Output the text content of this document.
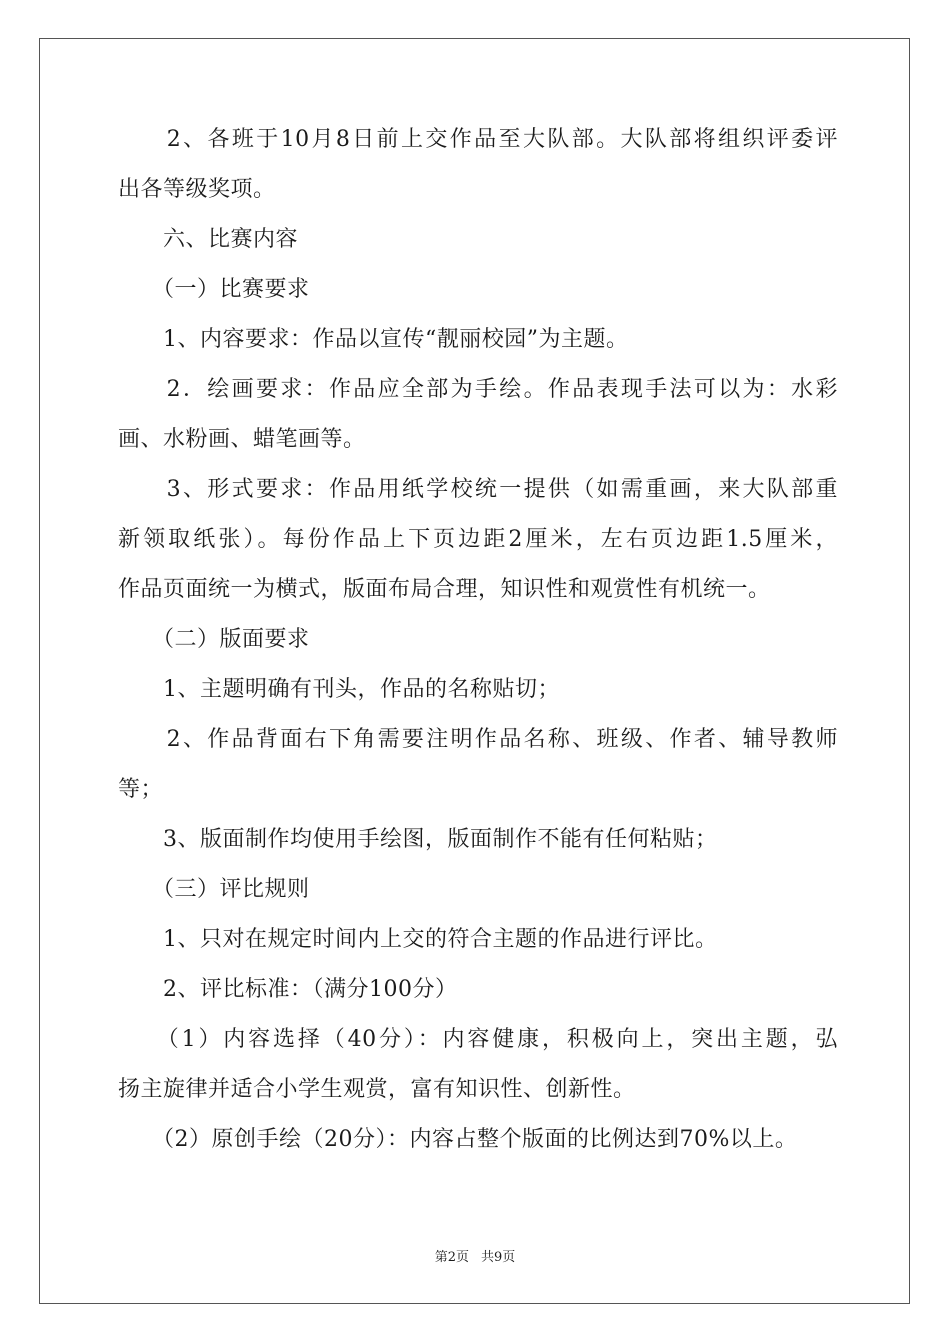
　　2、各班于10月8日前上交作品至大队部。大队部将组织评委评
出各等级奖项。
　　六、比赛内容
　　（一）比赛要求
　　1、内容要求：作品以宣传“靓丽校园”为主题。
　　2．绘画要求：作品应全部为手绘。作品表现手法可以为：水彩
画、水粉画、蜡笔画等。
　　3、形式要求：作品用纸学校统一提供（如需重画，来大队部重
新领取纸张）。每份作品上下页边距2厘米，左右页边距1.5厘米，
作品页面统一为横式，版面布局合理，知识性和观赏性有机统一。
　　（二）版面要求
　　1、主题明确有刊头，作品的名称贴切；
　　2、作品背面右下角需要注明作品名称、班级、作者、辅导教师
等；
　　3、版面制作均使用手绘图，版面制作不能有任何粘贴；
　　（三）评比规则
　　1、只对在规定时间内上交的符合主题的作品进行评比。
　　2、评比标准：（满分100分）
　　（1）内容选择（40分）：内容健康，积极向上，突出主题，弘
扬主旋律并适合小学生观赏，富有知识性、创新性。
　　（2）原创手绘（20分）：内容占整个版面的比例达到70%以上。
第2页 共9页
